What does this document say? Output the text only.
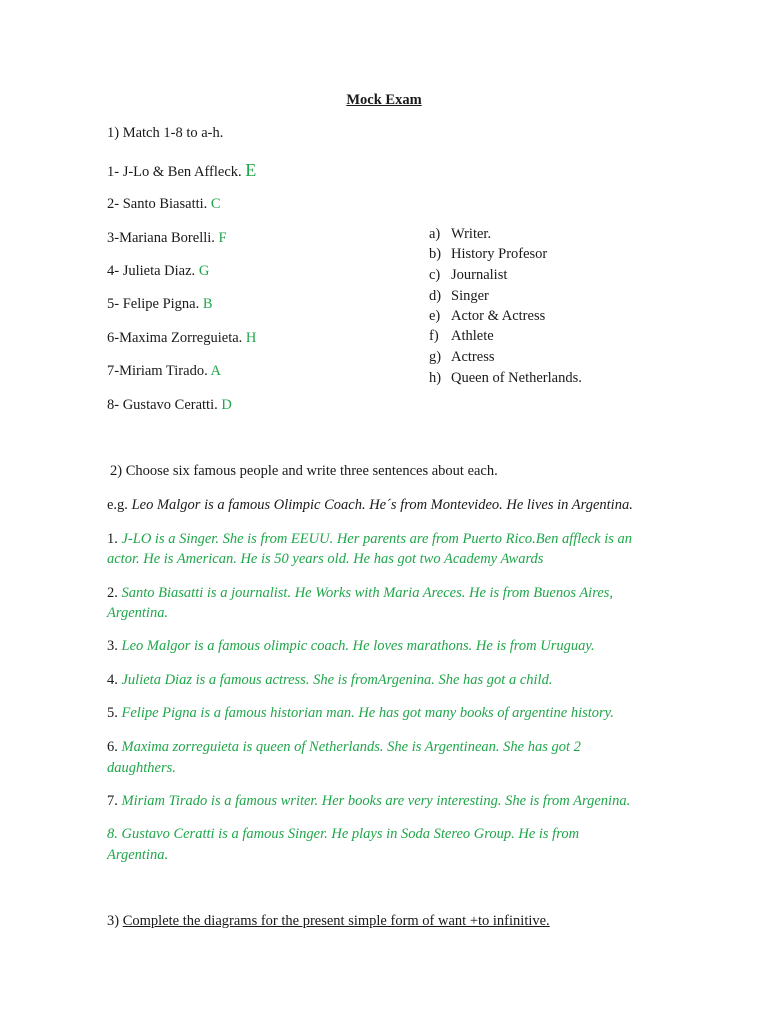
Mock Exam
1) Match 1-8 to a-h.
1- J-Lo & Ben Affleck. E
2- Santo Biasatti. C
3-Mariana Borelli. F
4- Julieta Diaz. G
5- Felipe Pigna. B
6-Maxima Zorreguieta. H
7-Miriam Tirado. A
8- Gustavo Ceratti. D
a) Writer.
b) History Profesor
c) Journalist
d) Singer
e) Actor & Actress
f) Athlete
g) Actress
h) Queen of Netherlands.
2) Choose six famous people and write three sentences about each.
e.g. Leo Malgor is a famous Olimpic Coach. He´s from Montevideo. He lives in Argentina.
1. J-LO is a Singer. She is from EEUU. Her parents are from Puerto Rico.Ben affleck is an
actor. He is American. He is 50 years old. He has got two Academy Awards
2. Santo Biasatti is a journalist. He Works with Maria Areces. He is from Buenos Aires,
Argentina.
3. Leo Malgor is a famous olimpic coach. He loves marathons. He is from Uruguay.
4. Julieta Diaz is a famous actress. She is fromArgenina. She has got a child.
5. Felipe Pigna is a famous historian man. He has got many books of argentine history.
6. Maxima zorreguieta is queen of Netherlands. She is Argentinean. She has got 2
daughthers.
7. Miriam Tirado is a famous writer. Her books are very interesting. She is from Argenina.
8. Gustavo Ceratti is a famous Singer. He plays in Soda Stereo Group. He is from
Argentina.
3) Complete the diagrams for the present simple form of want +to infinitive.
